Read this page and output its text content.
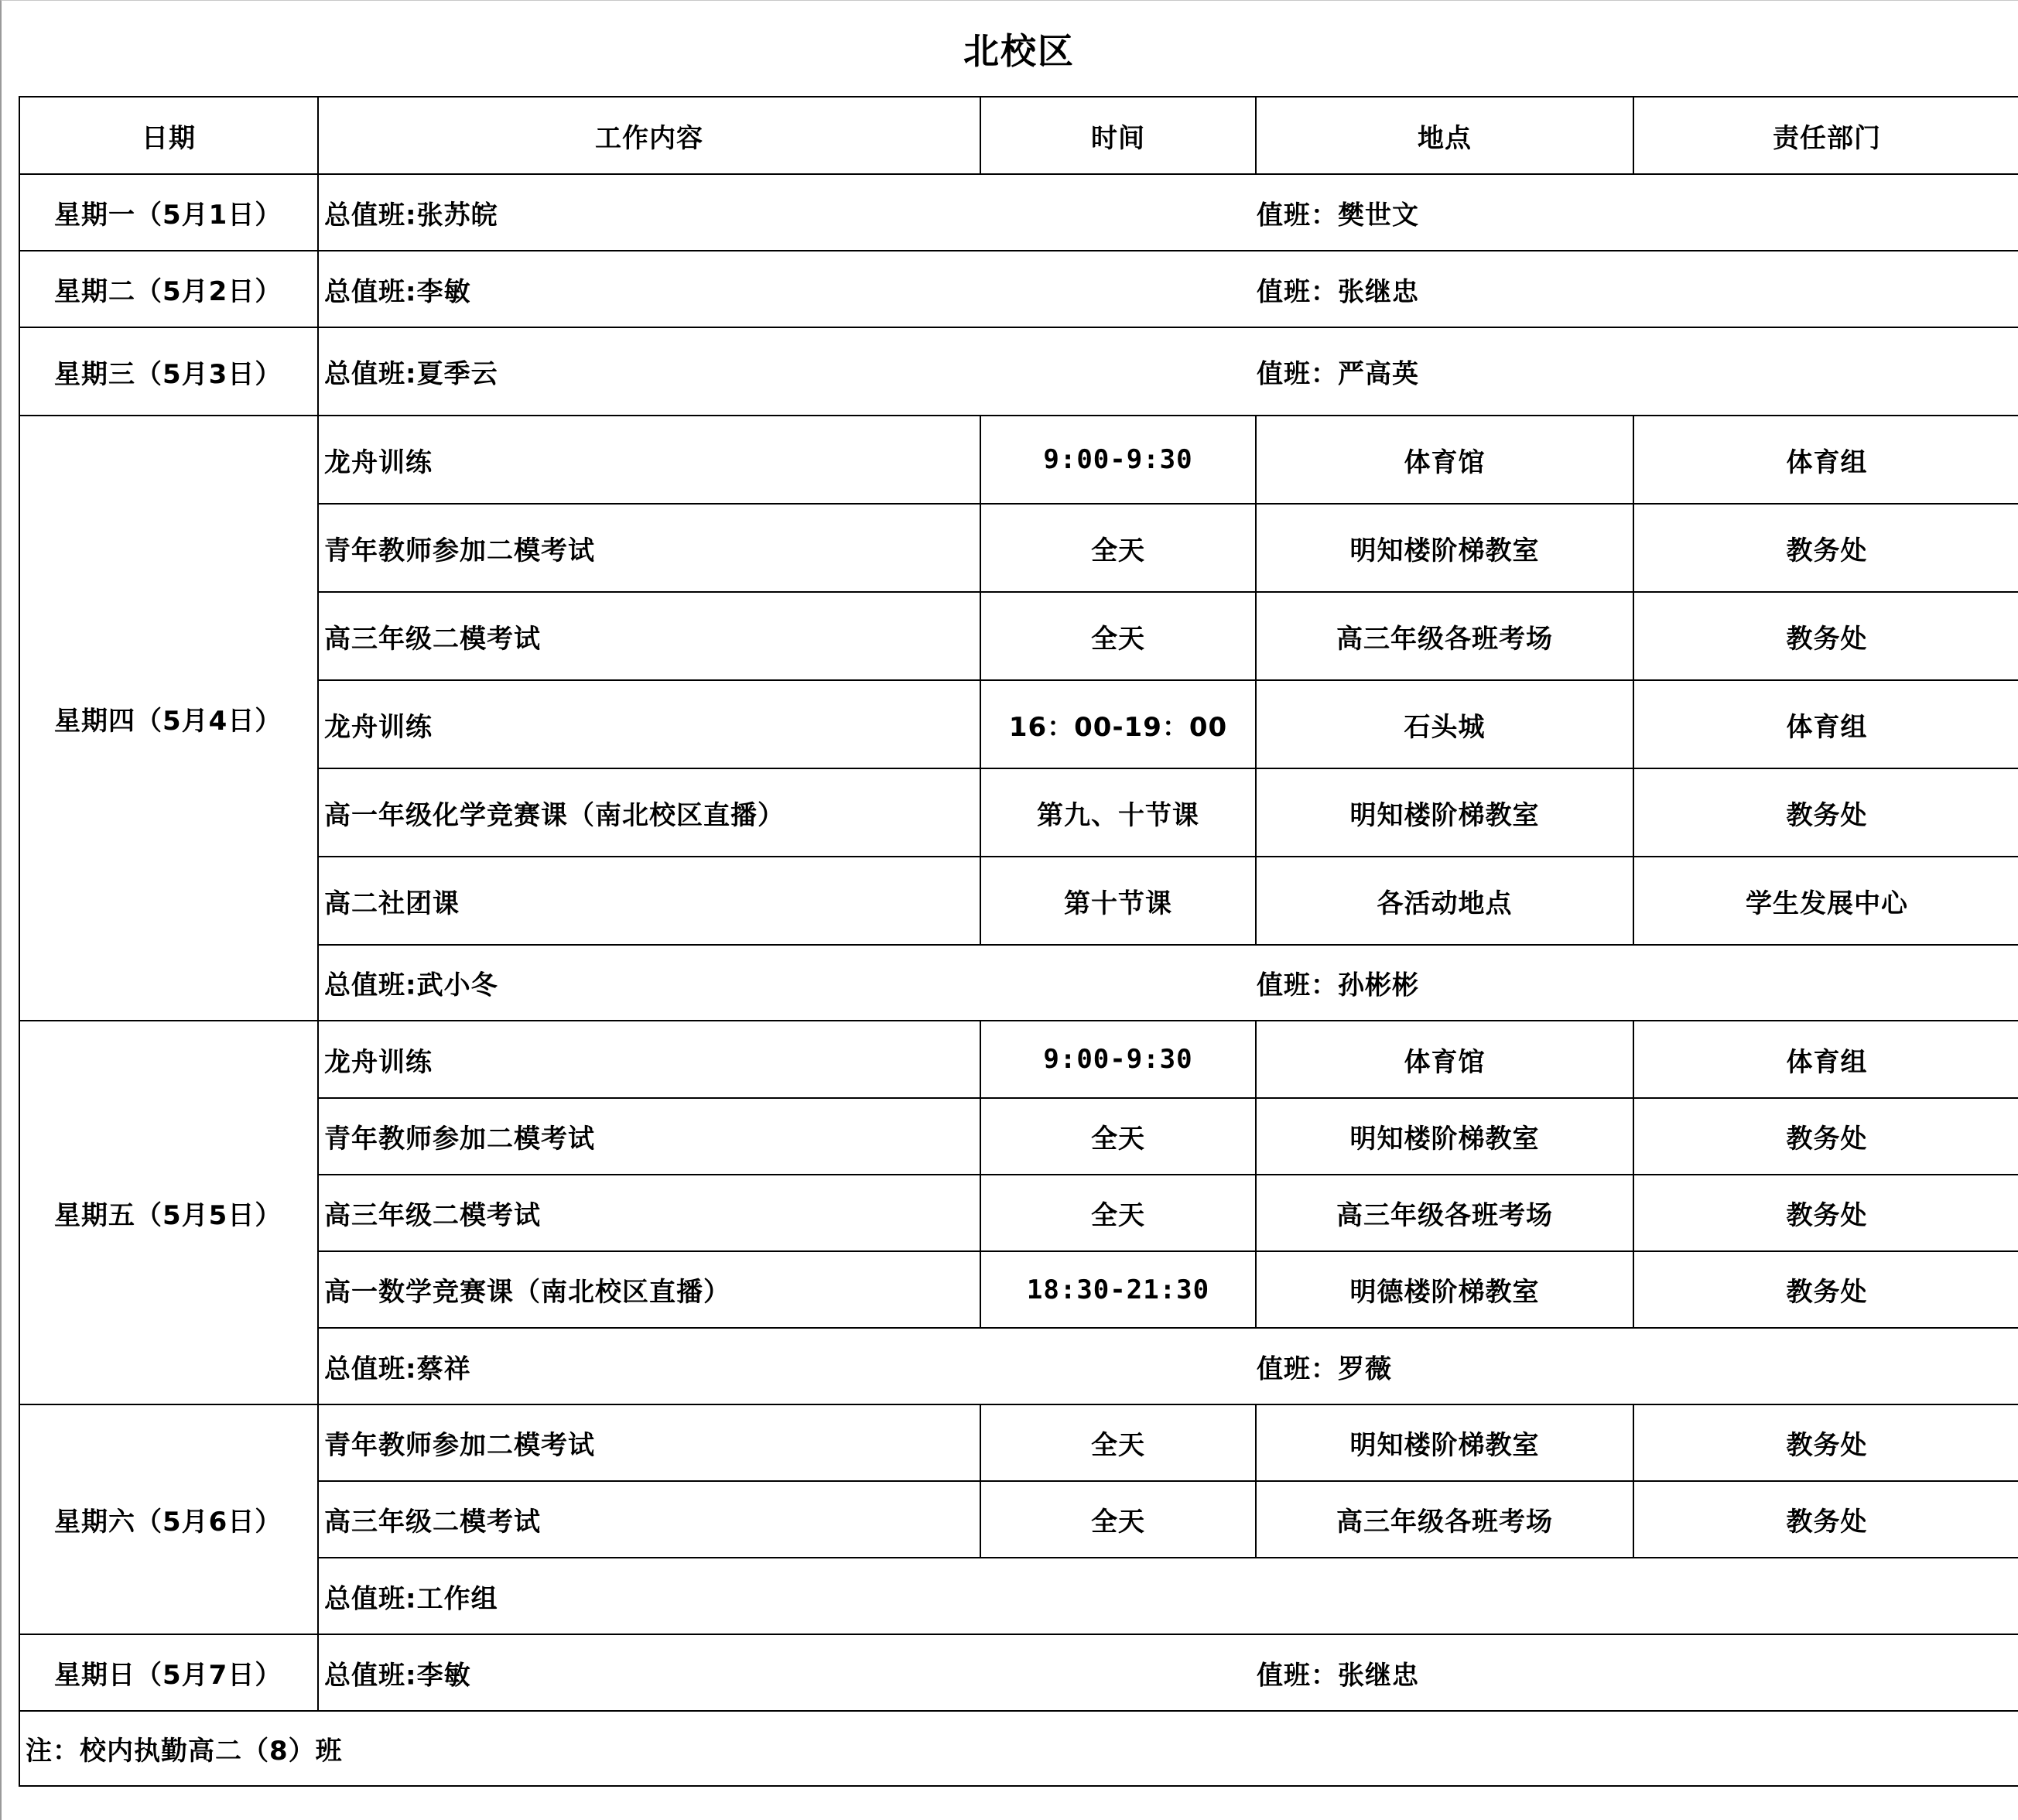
北校区
日期	工作内容	时间	地点	责任部门
星期一（5月1日）	总值班:张苏皖 值班：樊世文			

星期二（5月2日）	总值班:李敏 值班：张继忠			

星期三（5月3日）	总值班:夏季云 值班：严高英			

星期四（5月4日）	龙舟训练	9:00-9:30	体育馆	体育组
	青年教师参加二模考试	全天	明知楼阶梯教室	教务处
	高三年级二模考试	全天	高三年级各班考场	教务处
	龙舟训练	16：00-19：00	石头城	体育组
	高一年级化学竞赛课（南北校区直播）	第九、十节课	明知楼阶梯教室	教务处
	高二社团课	第十节课	各活动地点	学生发展中心

	总值班:武小冬 值班：孙彬彬			

星期五（5月5日）	龙舟训练	9:00-9:30	体育馆	体育组
	青年教师参加二模考试	全天	明知楼阶梯教室	教务处
	高三年级二模考试	全天	高三年级各班考场	教务处
	高一数学竞赛课（南北校区直播）	18:30-21:30	明德楼阶梯教室	教务处

	总值班:蔡祥 值班：罗薇			

星期六（5月6日）	青年教师参加二模考试	全天	明知楼阶梯教室	教务处
	高三年级二模考试	全天	高三年级各班考场	教务处

	总值班:工作组			

星期日（5月7日）	总值班:李敏 值班：张继忠			

注：校内执勤高二（8）班				
